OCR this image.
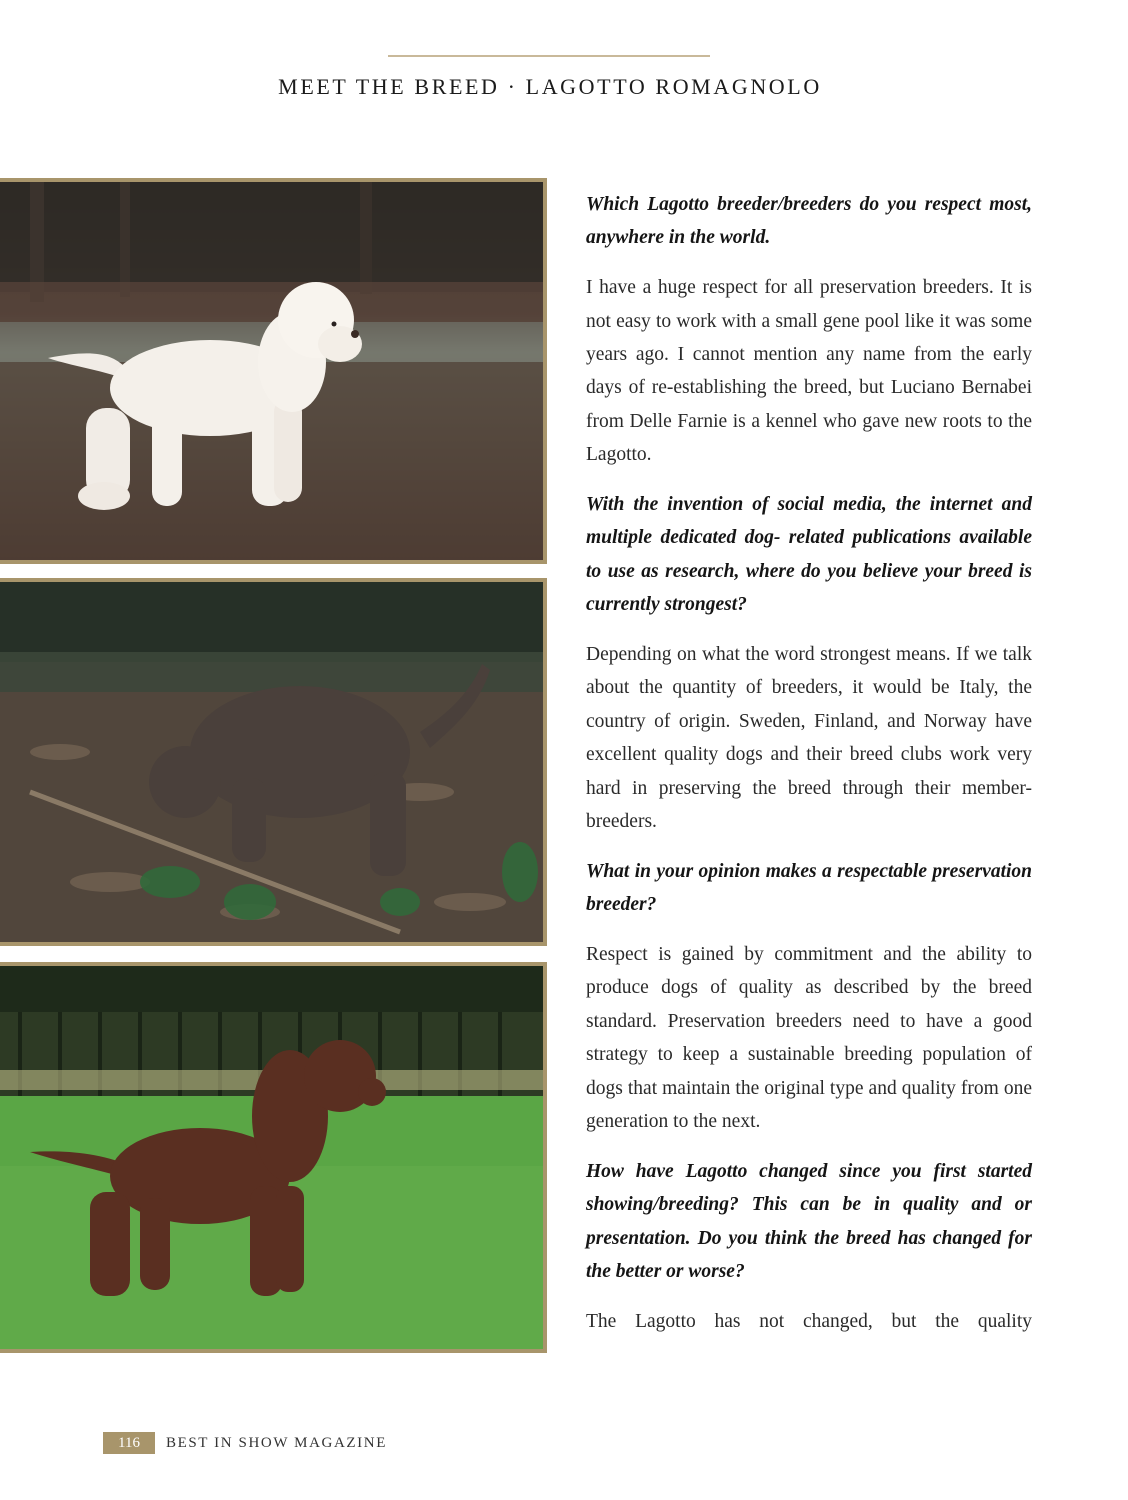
MEET THE BREED · LAGOTTO ROMAGNOLO

Which Lagotto breeder/breeders do you respect most, anywhere in the world.

I have a huge respect for all preservation breeders. It is not easy to work with a small gene pool like it was some years ago. I cannot mention any name from the early days of re-establishing the breed, but Luciano Bernabei from Delle Farnie is a kennel who gave new roots to the Lagotto.

With the invention of social media, the internet and multiple dedicated dog- related publications available to use as research, where do you believe your breed is currently strongest?

Depending on what the word strongest means. If we talk about the quantity of breeders, it would be Italy, the country of origin. Sweden, Finland, and Norway have excellent quality dogs and their breed clubs work very hard in preserving the breed through their member-breeders.

What in your opinion makes a respectable preservation breeder?

Respect is gained by commitment and the ability to produce dogs of quality as described by the breed standard. Preservation breeders need to have a good strategy to keep a sustainable breeding population of dogs that maintain the original type and quality from one generation to the next.

How have Lagotto changed since you first started showing/breeding? This can be in quality and or presentation. Do you think the breed has changed for the better or worse?

The Lagotto has not changed, but the quality

116	BEST IN SHOW MAGAZINE
